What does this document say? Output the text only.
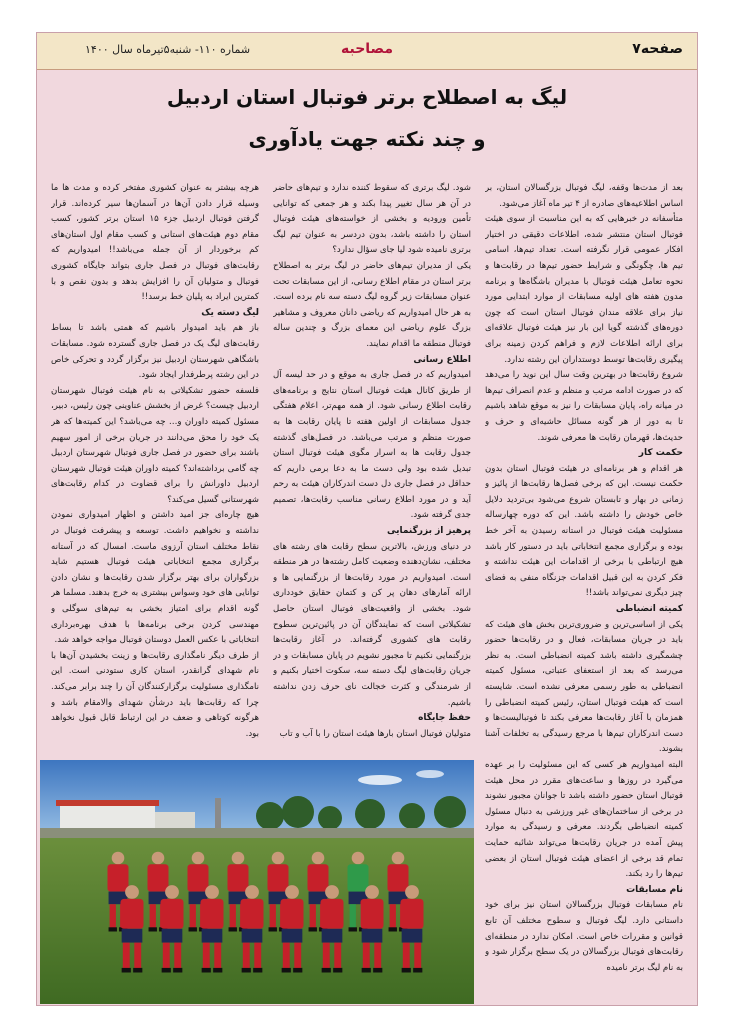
صفحه۷
مصاحبه
شماره ۱۱۰- شنبه۵تیرماه سال ۱۴۰۰
لیگ به اصطلاح برتر فوتبال استان اردبیل
و چند نکته جهت یادآوری

بعد از مدت‌ها وقفه، لیگ فوتبال بزرگسالان استان، بر اساس اطلاعیه‌های صادره از ۴ تیر ماه آغاز می‌شود.

متأسفانه در خبرهایی که به این مناسبت از سوی هیئت فوتبال استان منتشر شده، اطلاعات دقیقی در اختیار افکار عمومی قرار نگرفته است. تعداد تیم‌ها، اسامی تیم ها، چگونگی و شرایط حضور تیم‌ها در رقابت‌ها و نحوه تعامل هیئت فوتبال با مدیران باشگاه‌ها و برنامه مدون هفته های اولیه مسابقات از موارد ابتدایی مورد نیاز برای علاقه مندان فوتبال استان است که چون دوره‌های گذشته گویا این بار نیز هیئت فوتبال علاقه‌ای برای ارائه اطلاعات لازم و فراهم کردن زمینه برای پیگیری رقابت‌ها توسط دوستداران این رشته ندارد.

شروع رقابت‌ها در بهترین وقت سال این نوید را می‌دهد که در صورت ادامه مرتب و منظم و عدم انصراف تیم‌ها در میانه راه، پایان مسابقات را نیز به موقع شاهد باشیم تا به دور از هر گونه مسائل حاشیه‌ای و حرف و حدیث‌ها، قهرمان رقابت ها معرفی شوند.

حکمت کار

هر اقدام و هر برنامه‌ای در هیئت فوتبال استان بدون حکمت نیست. این که برخی فصل‌ها رقابت‌ها از پائیز و زمانی در بهار و تابستان شروع می‌شود بی‌تردید دلایل خاص خودش را داشته باشد. این که دوره چهارساله مسئولیت هیئت فوتبال در استانه رسیدن به آخر خط بوده و برگزاری مجمع انتخاباتی باید در دستور کار باشد هیچ ارتباطی با برخی از اقدامات این هیئت نداشته و فکر کردن به این قبیل اقدامات جزنگاه منفی به فضای چیز دیگری نمی‌تواند باشد!!

کمیته انضباطی

یکی از اساسی‌ترین و ضروری‌ترین بخش های هیئت که باید در جریان مسابقات، فعال و در رقابت‌ها حضور چشمگیری داشته باشد کمیته انضباطی است. به نظر می‌رسد که بعد از استعفای عتباتی، مسئول کمیته انضباطی به طور رسمی معرفی نشده است. شایسته است که هیئت فوتبال استان، رئیس کمیته انضباطی را همزمان با آغاز رقابت‌ها معرفی بکند تا فوتبالیست‌ها و دست اندرکاران تیم‌ها با مرجع رسیدگی به تخلفات آشنا بشوند.

البته امیدواریم هر کسی که این مسئولیت را بر عهده می‌گیرد در روزها و ساعت‌های مقرر در محل هیئت فوتبال استان حضور داشته باشد تا جوانان مجبور نشوند در برخی از ساختمان‌های غیر ورزشی به دنبال مسئول کمیته انضباطی بگردند. معرفی و رسیدگی به موارد پیش آمده در جریان رقابت‌ها می‌تواند شائبه حمایت تمام قد برخی از اعضای هیئت فوتبال استان از بعضی تیم‌ها را رد بکند.

نام مسابقات

نام مسابقات فوتبال بزرگسالان استان نیز برای خود داستانی دارد. لیگ فوتبال و سطوح مختلف آن تابع قوانین و مقررات خاص است. امکان ندارد در منطقه‌ای رقابت‌های فوتبال بزرگسالان در یک سطح برگزار شود و به نام لیگ برتر نامیده

شود. لیگ برتری که سقوط کننده ندارد و تیم‌های حاضر در آن هر سال تغییر پیدا بکند و هر جمعی که توانایی تأمین ورودیه و بخشی از خواسته‌های هیئت فوتبال استان را داشته باشد، بدون دردسر به عنوان تیم لیگ برتری نامیده شود لیا جای سؤال ندارد؟

یکی از مدیران تیم‌های حاضر در لیگ برتر به اصطلاح برتر استان در مقام اطلاع رسانی، از این مسابقات تحت عنوان مسابقات زیر گروه لیگ دسته سه نام برده است. به هر حال امیدواریم که ریاضی دانان معروف و مشاهیر بزرگ علوم ریاضی این معمای بزرگ و چندین ساله فوتبال منطقه ما اقدام نمایند.

اطلاع رسانی

امیدواریم که در فصل جاری به موقع و در حد لیسه آل از طریق کانال هیئت فوتبال استان نتایج و برنامه‌های رقابت اطلاع رسانی شود. از همه مهم‌تر، اعلام هفتگی جدول مسابقات از اولین هفته تا پایان رقابت ها به صورت منظم و مرتب می‌باشد. در فصل‌های گذشته جدول رقابت ها به اسرار مگوی هیئت فوتبال استان تبدیل شده بود ولی دست ما به دعا برمی داریم که حداقل در فصل جاری دل دست اندرکاران هیئت به رحم آید و در مورد اطلاع رسانی مناسب رقابت‌ها، تصمیم جدی گرفته شود.

پرهیز از بزرگنمایی

در دنیای ورزش، بالاترین سطح رقابت های رشته های مختلف، نشان‌دهنده وضعیت کامل رشته‌ها در هر منطقه است. امیدواریم در مورد رقابت‌ها از بزرگنمایی ها و ارائه آمارهای دهان پر کن و کتمان حقایق خودداری شود. بخشی از واقعیت‌های فوتبال استان حاصل تشکیلاتی است که نمایندگان آن در پائین‌ترین سطوح رقابت های کشوری گرفته‌اند. در آغاز رقابت‌ها بزرگنمایی نکنیم تا مجبور نشویم در پایان مسابقات و در جریان رقابت‌های لیگ دسته سه، سکوت اختیار بکنیم و از شرمندگی و کثرت خجالت نای حرف زدن نداشته باشیم.

حفظ جایگاه

متولیان فوتبال استان بارها هیئت استان را با آب و تاب

هرچه بیشتر به عنوان کشوری مفتخر کرده و مدت ها ما وسیله قرار دادن آن‌ها در آسمان‌ها سیر کرده‌اند. قرار گرفتن فوتبال اردبیل جزء ۱۵ استان برتر کشور، کسب مقام دوم هیئت‌های استانی و کسب مقام اول استان‌های کم برخوردار از آن جمله می‌باشد!! امیدواریم که رقابت‌های فوتبال در فصل جاری بتواند جایگاه کشوری فوتبال و متولیان آن را افزایش بدهد و بدون نقص و با کمترین ایراد به پلیان خط برسد!!

لیگ دسته یک

باز هم باید امیدوار باشیم که همتی باشد تا بساط رقابت‌های لیگ یک در فصل جاری گسترده شود. مسابقات باشگاهی شهرستان اردبیل نیز برگزار گردد و تحرکی خاص در این رشته پرطرفدار ایجاد شود.

فلسفه حضور تشکیلاتی به نام هیئت فوتبال شهرستان اردبیل چیست؟ غرض از بخشش عناوینی چون رئیس، دبیر، مسئول کمیته داوران و… چه می‌باشد؟ این کمیته‌ها که هر یک خود را محق می‌دانند در جریان برخی از امور سهیم باشند برای حضور در فصل جاری فوتبال شهرستان اردبیل چه گامی برداشته‌اند؟ کمیته داوران هیئت فوتبال شهرستان اردبیل داورانش را برای قضاوت در کدام رقابت‌های شهرستانی گسیل می‌کند؟

هیچ چاره‌ای جز امید داشتن و اظهار امیدواری نمودن نداشته و نخواهیم داشت. توسعه و پیشرفت فوتبال در نقاط مختلف استان آرزوی ماست. امسال که در آستانه برگزاری مجمع انتخاباتی هیئت فوتبال هستیم شاید بزرگواران برای بهتر برگزار شدن رقابت‌ها و نشان دادن توانایی های خود وسواس بیشتری به خرج بدهند. مسلما هر گونه اقدام برای امتیاز بخشی به تیم‌های سوگلی و مهندسی کردن برخی برنامه‌ها با هدف بهره‌برداری انتخاباتی با عکس العمل دوستان فوتبال مواجه خواهد شد.

از طرف دیگر نامگذاری رقابت‌ها و زینت بخشیدن آن‌ها با نام شهدای گرانقدر، استان کاری ستودنی است. این نامگذاری مسئولیت برگزارکنندگان آن را چند برابر می‌کند. چرا که رقابت‌ها باید درشأن شهدای والامقام باشد و هرگونه کوتاهی و ضعف در این ارتباط قابل قبول نخواهد بود.
